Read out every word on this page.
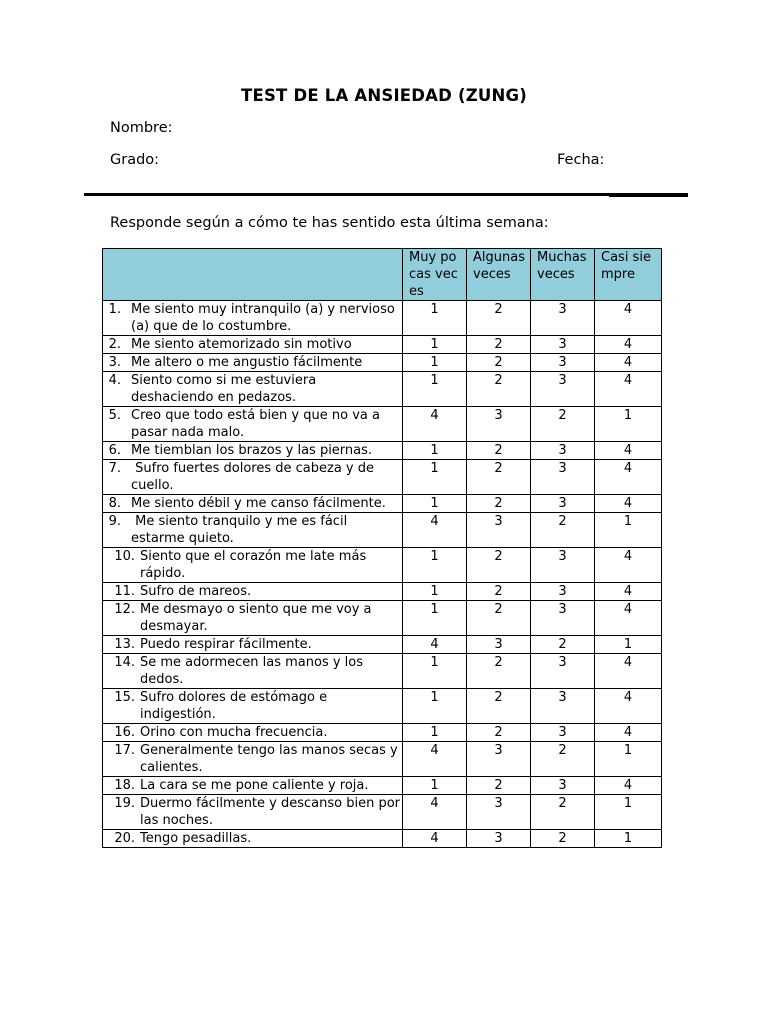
TEST DE LA ANSIEDAD (ZUNG)
Nombre:
Grado:	Fecha:
Responde según a cómo te has sentido esta última semana:
	Muy pocas veces	Algunas veces	Muchas veces	Casi siempre

1. Me siento muy intranquilo (a) y nervioso (a) que de lo costumbre.	1	2	3	4

2. Me siento atemorizado sin motivo	1	2	3	4

3. Me altero o me angustio fácilmente	1	2	3	4

4. Siento como si me estuviera deshaciendo en pedazos.	1	2	3	4

5. Creo que todo está bien y que no va a pasar nada malo.	4	3	2	1

6. Me tiemblan los brazos y las piernas.	1	2	3	4

7. Sufro fuertes dolores de cabeza y de cuello.	1	2	3	4

8. Me siento débil y me canso fácilmente.	1	2	3	4

9. Me siento tranquilo y me es fácil estarme quieto.	4	3	2	1

10. Siento que el corazón me late más rápido.	1	2	3	4

11. Sufro de mareos.	1	2	3	4

12. Me desmayo o siento que me voy a desmayar.	1	2	3	4

13. Puedo respirar fácilmente.	4	3	2	1

14. Se me adormecen las manos y los dedos.	1	2	3	4

15. Sufro dolores de estómago e indigestión.	1	2	3	4

16. Orino con mucha frecuencia.	1	2	3	4

17. Generalmente tengo las manos secas y calientes.	4	3	2	1

18. La cara se me pone caliente y roja.	1	2	3	4

19. Duermo fácilmente y descanso bien por las noches.	4	3	2	1

20. Tengo pesadillas.	4	3	2	1
